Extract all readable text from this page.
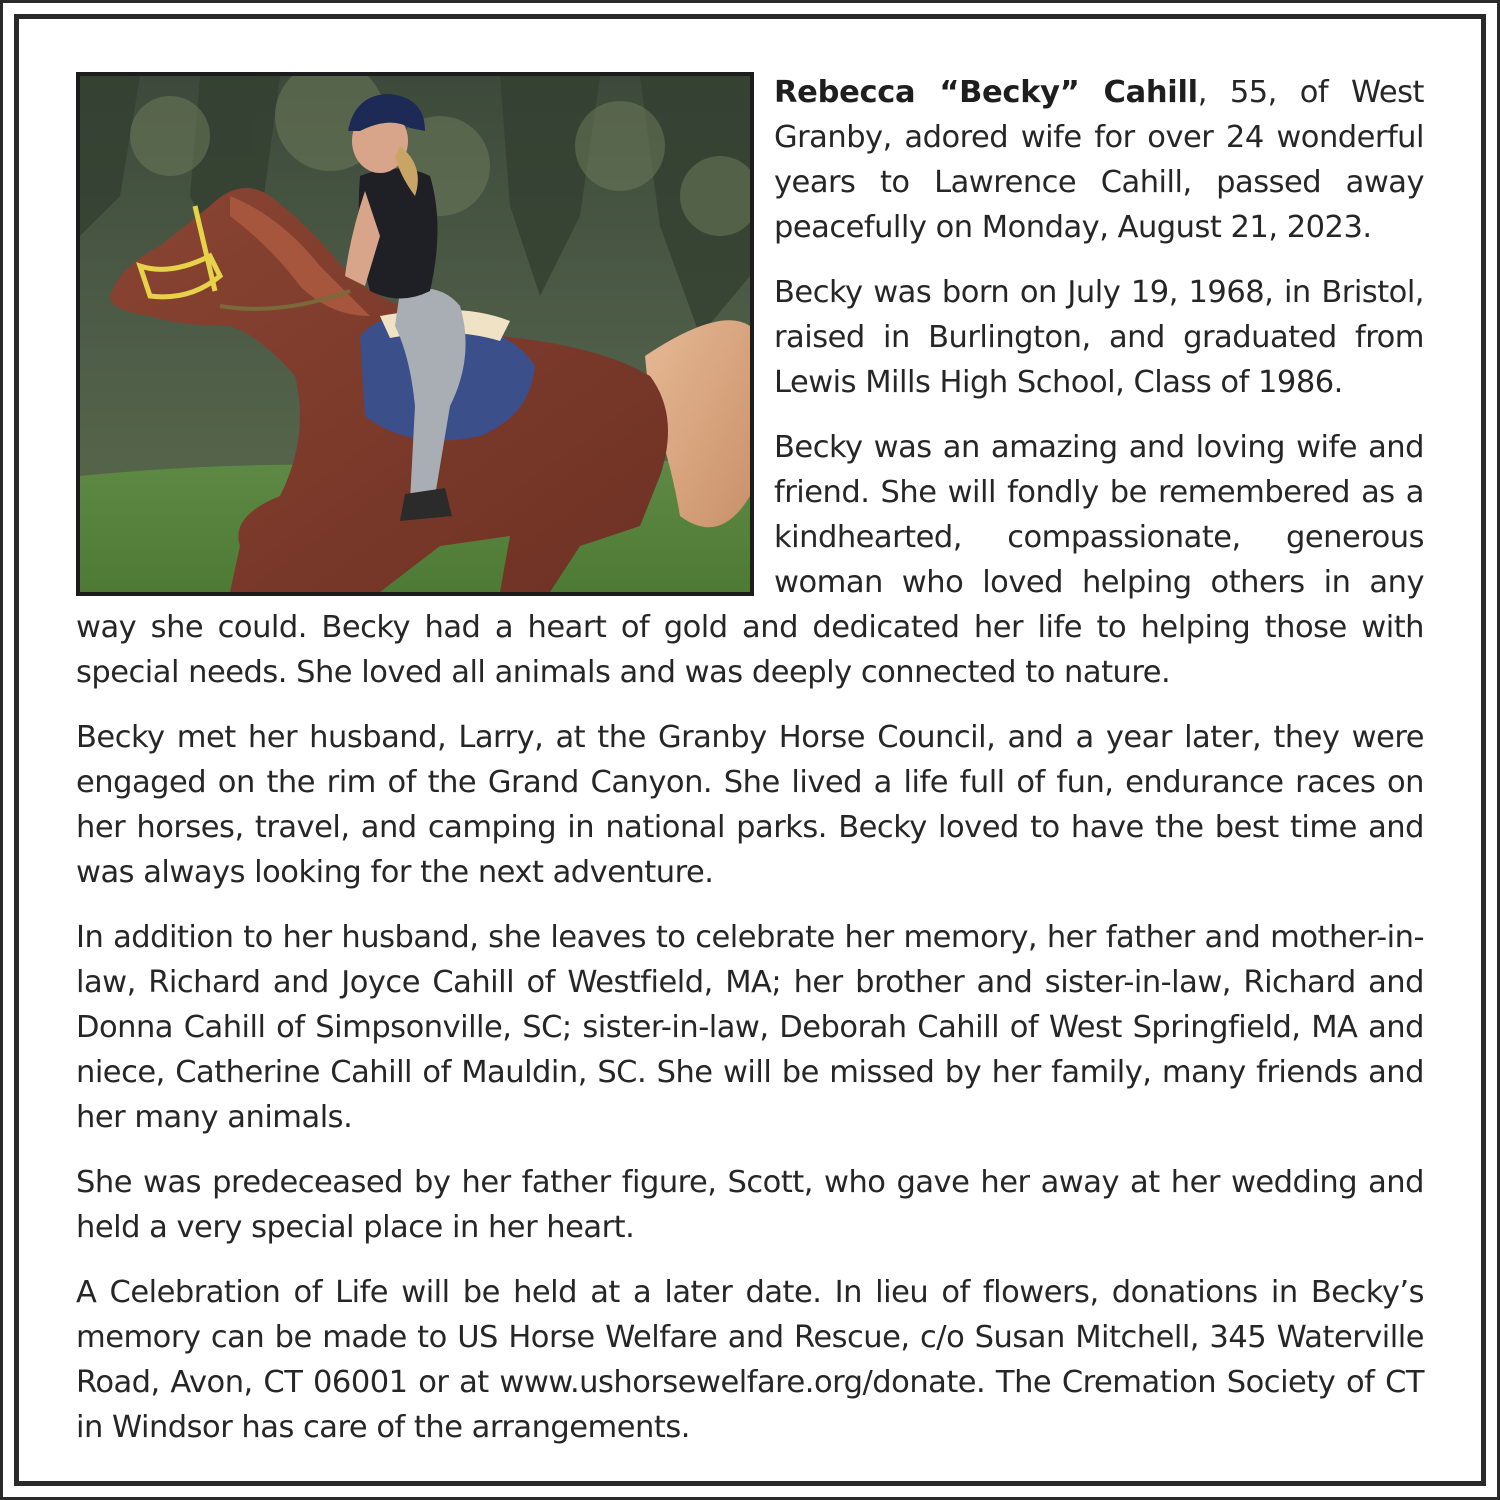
Rebecca “Becky” Cahill, 55, of West Granby, adored wife for over 24 wonderful years to Lawrence Cahill, passed away peacefully on Monday, August 21, 2023.

Becky was born on July 19, 1968, in Bristol, raised in Burlington, and graduated from Lewis Mills High School, Class of 1986.

Becky was an amazing and loving wife and friend. She will fondly be remembered as a kindhearted, compassionate, generous woman who loved helping others in any way she could. Becky had a heart of gold and dedicated her life to helping those with special needs. She loved all animals and was deeply connected to nature.

Becky met her husband, Larry, at the Granby Horse Council, and a year later, they were engaged on the rim of the Grand Canyon. She lived a life full of fun, endurance races on her horses, travel, and camping in national parks. Becky loved to have the best time and was always looking for the next adventure.

In addition to her husband, she leaves to celebrate her memory, her father and mother-in-law, Richard and Joyce Cahill of Westfield, MA; her brother and sister-in-law, Richard and Donna Cahill of Simpsonville, SC; sister-in-law, Deborah Cahill of West Springfield, MA and niece, Catherine Cahill of Mauldin, SC. She will be missed by her family, many friends and her many animals.

She was predeceased by her father figure, Scott, who gave her away at her wedding and held a very special place in her heart.

A Celebration of Life will be held at a later date. In lieu of flowers, donations in Becky’s memory can be made to US Horse Welfare and Rescue, c/o Susan Mitchell, 345 Waterville Road, Avon, CT 06001 or at www.ushorsewelfare.org/donate. The Cremation Society of CT in Windsor has care of the arrangements.
